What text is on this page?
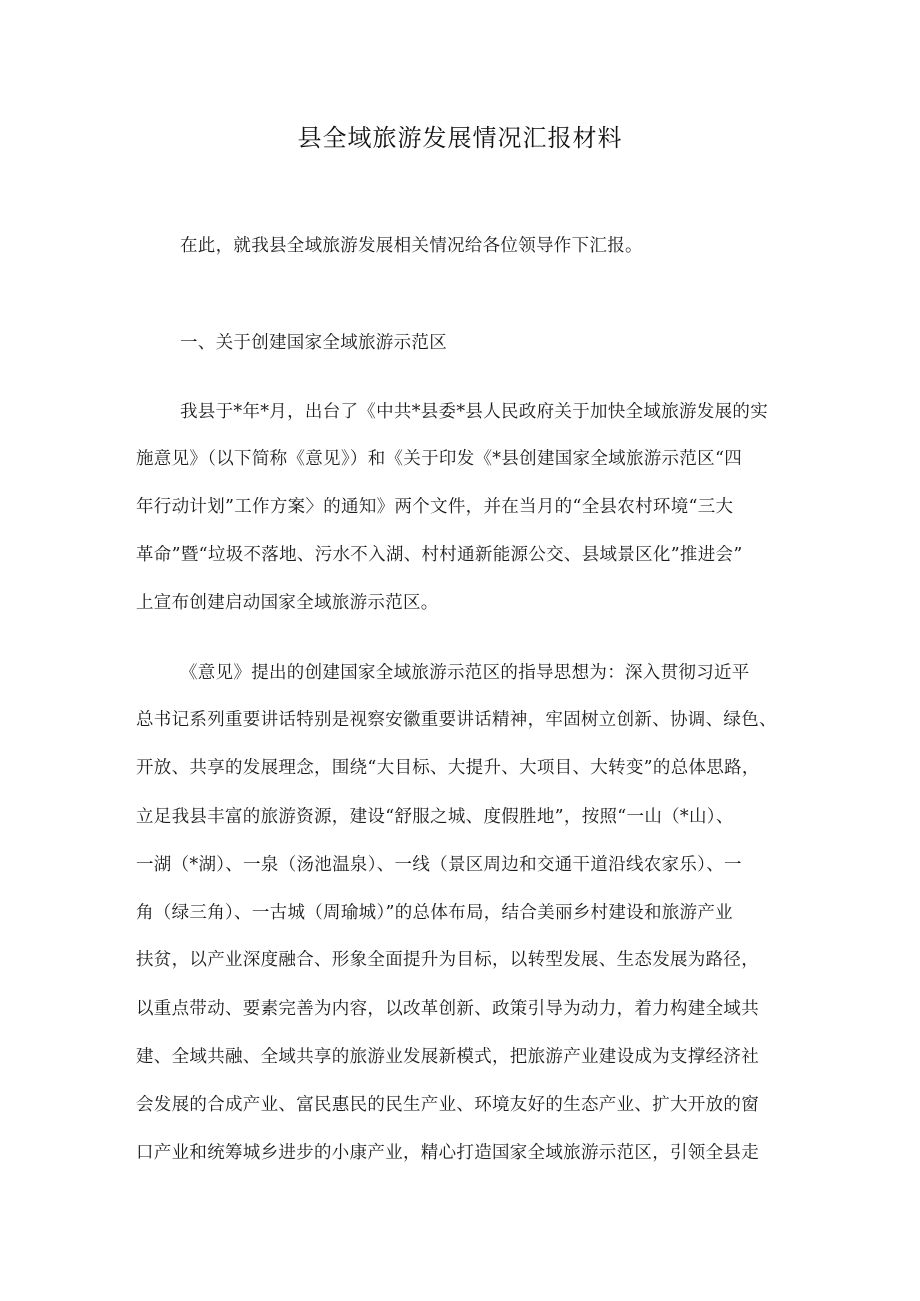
县全域旅游发展情况汇报材料
在此，就我县全域旅游发展相关情况给各位领导作下汇报。
一、关于创建国家全域旅游示范区
我县于*年*月，出台了《中共*县委*县人民政府关于加快全域旅游发展的实
施意见》（以下简称《意见》）和《关于印发《*县创建国家全域旅游示范区“四
年行动计划”工作方案〉的通知》两个文件，并在当月的“全县农村环境“三大
革命”暨“垃圾不落地、污水不入湖、村村通新能源公交、县域景区化”推进会”
上宣布创建启动国家全域旅游示范区。
《意见》提出的创建国家全域旅游示范区的指导思想为：深入贯彻习近平
总书记系列重要讲话特别是视察安徽重要讲话精神，牢固树立创新、协调、绿色、
开放、共享的发展理念，围绕“大目标、大提升、大项目、大转变”的总体思路，
立足我县丰富的旅游资源，建设“舒服之城、度假胜地”，按照“一山（*山）、
一湖（*湖）、一泉（汤池温泉）、一线（景区周边和交通干道沿线农家乐）、一
角（绿三角）、一古城（周瑜城）”的总体布局，结合美丽乡村建设和旅游产业
扶贫，以产业深度融合、形象全面提升为目标，以转型发展、生态发展为路径，
以重点带动、要素完善为内容，以改革创新、政策引导为动力，着力构建全域共
建、全域共融、全域共享的旅游业发展新模式，把旅游产业建设成为支撑经济社
会发展的合成产业、富民惠民的民生产业、环境友好的生态产业、扩大开放的窗
口产业和统筹城乡进步的小康产业，精心打造国家全域旅游示范区，引领全县走
